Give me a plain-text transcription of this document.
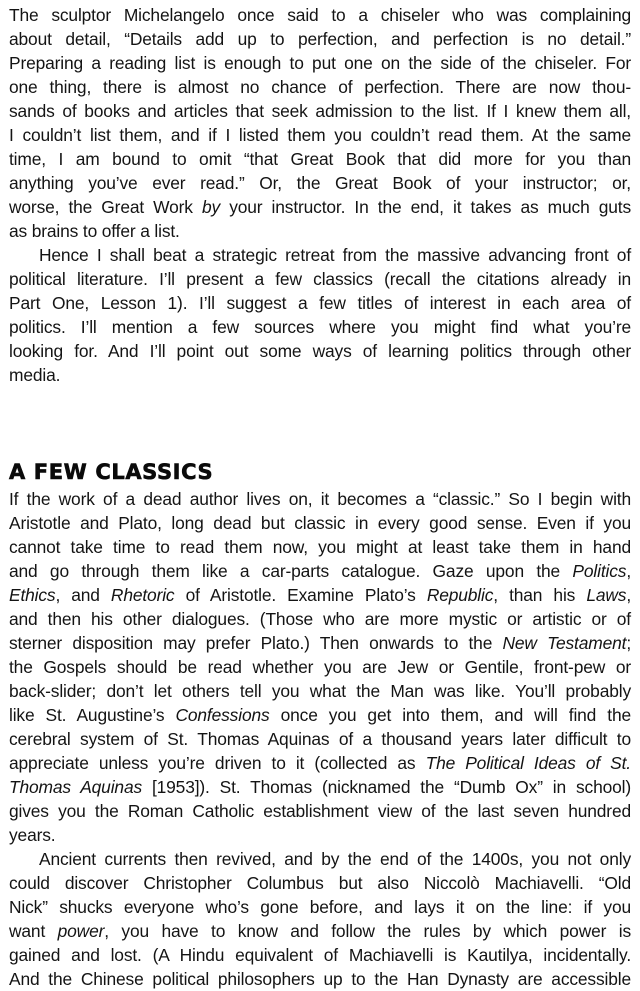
The sculptor Michelangelo once said to a chiseler who was complaining
about detail, “Details add up to perfection, and perfection is no detail.”
Preparing a reading list is enough to put one on the side of the chiseler. For
one thing, there is almost no chance of perfection. There are now thou-
sands of books and articles that seek admission to the list. If I knew them all,
I couldn’t list them, and if I listed them you couldn’t read them. At the same
time, I am bound to omit “that Great Book that did more for you than
anything you’ve ever read.” Or, the Great Book of your instructor; or,
worse, the Great Work by your instructor. In the end, it takes as much guts
as brains to offer a list.
Hence I shall beat a strategic retreat from the massive advancing front of
political literature. I’ll present a few classics (recall the citations already in
Part One, Lesson 1). I’ll suggest a few titles of interest in each area of
politics. I’ll mention a few sources where you might find what you’re
looking for. And I’ll point out some ways of learning politics through other
media.
A FEW CLASSICS
If the work of a dead author lives on, it becomes a “classic.” So I begin with
Aristotle and Plato, long dead but classic in every good sense. Even if you
cannot take time to read them now, you might at least take them in hand
and go through them like a car-parts catalogue. Gaze upon the Politics,
Ethics, and Rhetoric of Aristotle. Examine Plato’s Republic, than his Laws,
and then his other dialogues. (Those who are more mystic or artistic or of
sterner disposition may prefer Plato.) Then onwards to the New Testament;
the Gospels should be read whether you are Jew or Gentile, front-pew or
back-slider; don’t let others tell you what the Man was like. You’ll probably
like St. Augustine’s Confessions once you get into them, and will find the
cerebral system of St. Thomas Aquinas of a thousand years later difficult to
appreciate unless you’re driven to it (collected as The Political Ideas of St.
Thomas Aquinas [1953]). St. Thomas (nicknamed the “Dumb Ox” in school)
gives you the Roman Catholic establishment view of the last seven hundred
years.
Ancient currents then revived, and by the end of the 1400s, you not only
could discover Christopher Columbus but also Niccolò Machiavelli. “Old
Nick” shucks everyone who’s gone before, and lays it on the line: if you
want power, you have to know and follow the rules by which power is
gained and lost. (A Hindu equivalent of Machiavelli is Kautilya, incidentally.
And the Chinese political philosophers up to the Han Dynasty are accessible
